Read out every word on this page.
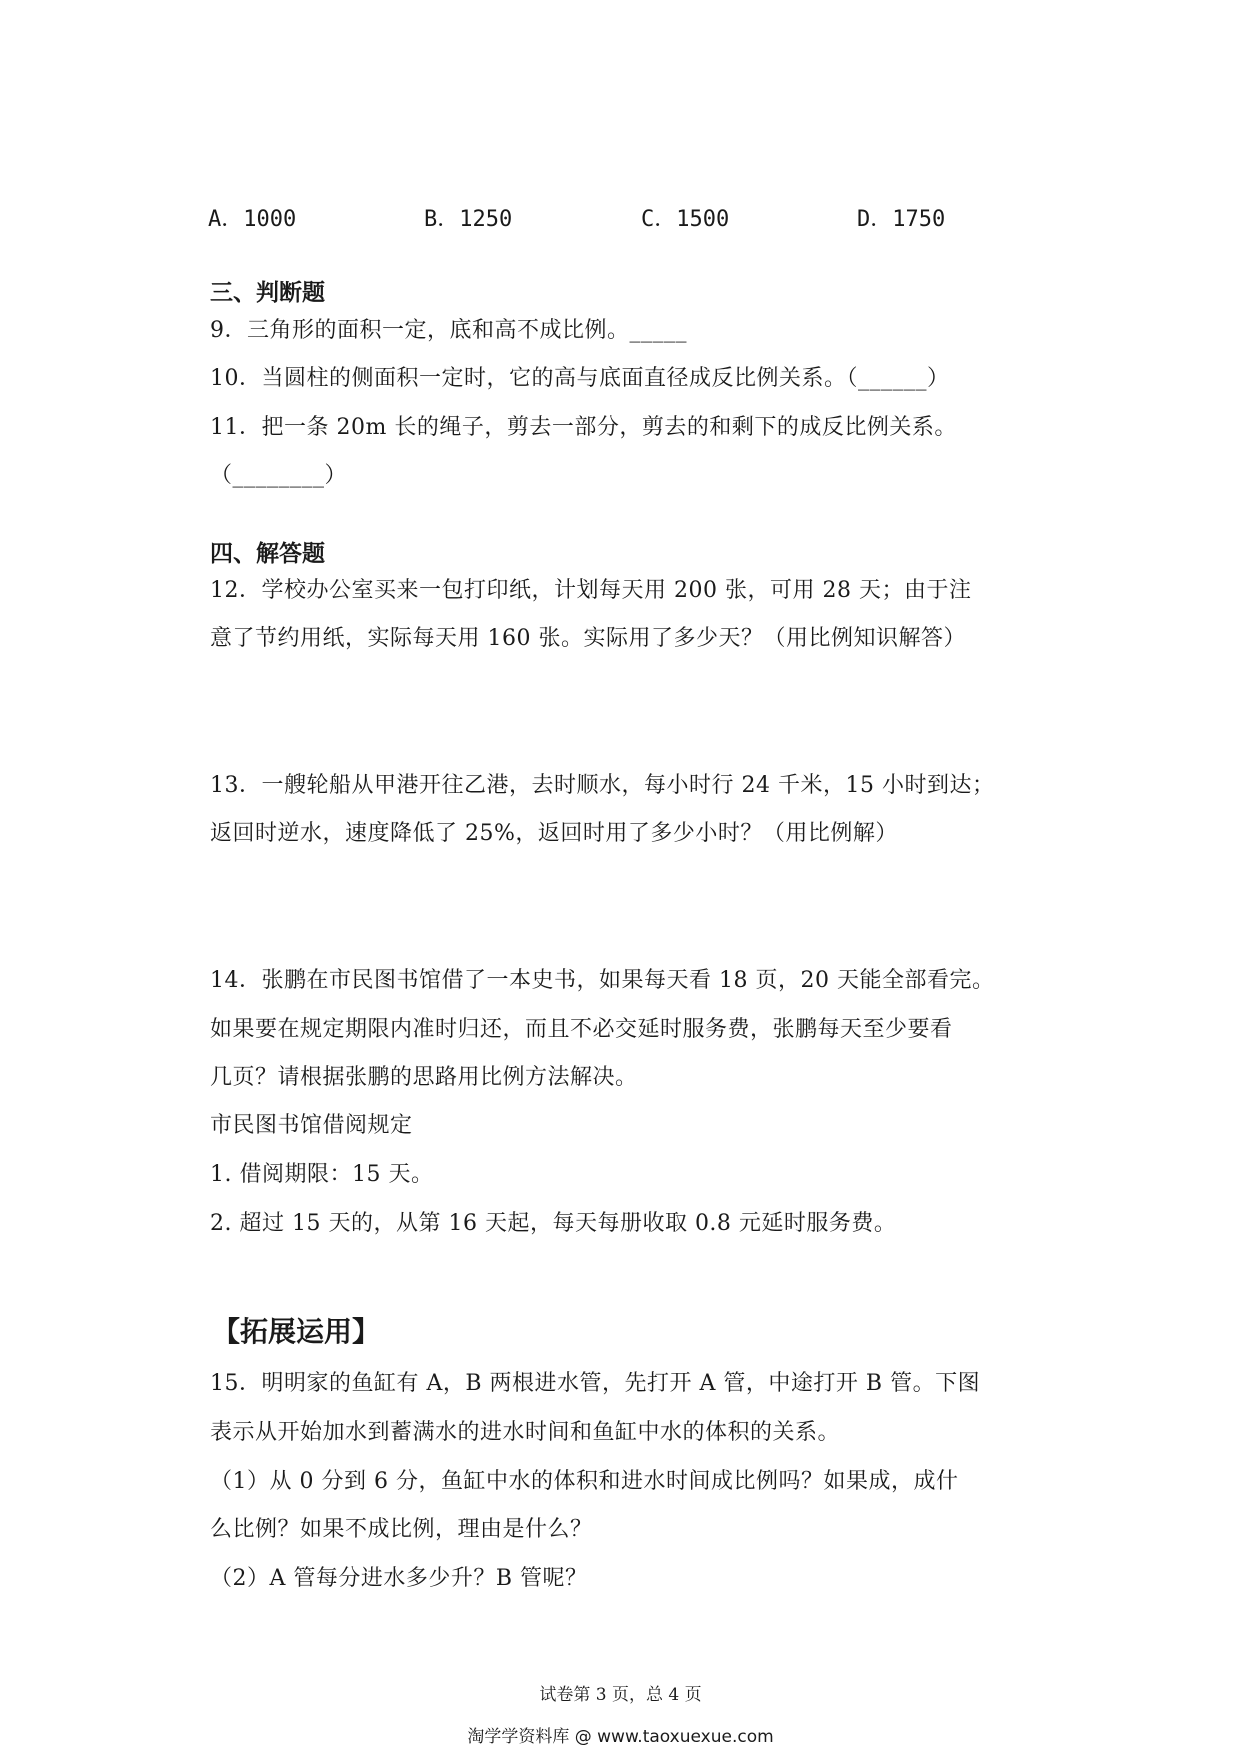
A．1000	B．1250	C．1500	D．1750
三、判断题
9．三角形的面积一定，底和高不成比例。_____
10．当圆柱的侧面积一定时，它的高与底面直径成反比例关系。（______）
11．把一条 20m 长的绳子，剪去一部分，剪去的和剩下的成反比例关系。
（________）
四、解答题
12．学校办公室买来一包打印纸，计划每天用 200 张，可用 28 天；由于注
意了节约用纸，实际每天用 160 张。实际用了多少天？（用比例知识解答）
13．一艘轮船从甲港开往乙港，去时顺水，每小时行 24 千米，15 小时到达；
返回时逆水，速度降低了 25%，返回时用了多少小时？（用比例解）
14．张鹏在市民图书馆借了一本史书，如果每天看 18 页，20 天能全部看完。
如果要在规定期限内准时归还，而且不必交延时服务费，张鹏每天至少要看
几页？请根据张鹏的思路用比例方法解决。
市民图书馆借阅规定
1. 借阅期限：15 天。
2. 超过 15 天的，从第 16 天起，每天每册收取 0.8 元延时服务费。
【拓展运用】
15．明明家的鱼缸有 A，B 两根进水管，先打开 A 管，中途打开 B 管。下图
表示从开始加水到蓄满水的进水时间和鱼缸中水的体积的关系。
（1）从 0 分到 6 分，鱼缸中水的体积和进水时间成比例吗？如果成，成什
么比例？如果不成比例，理由是什么？
（2）A 管每分进水多少升？B 管呢？
试卷第 3 页，总 4 页
淘学学资料库 @ www.taoxuexue.com
